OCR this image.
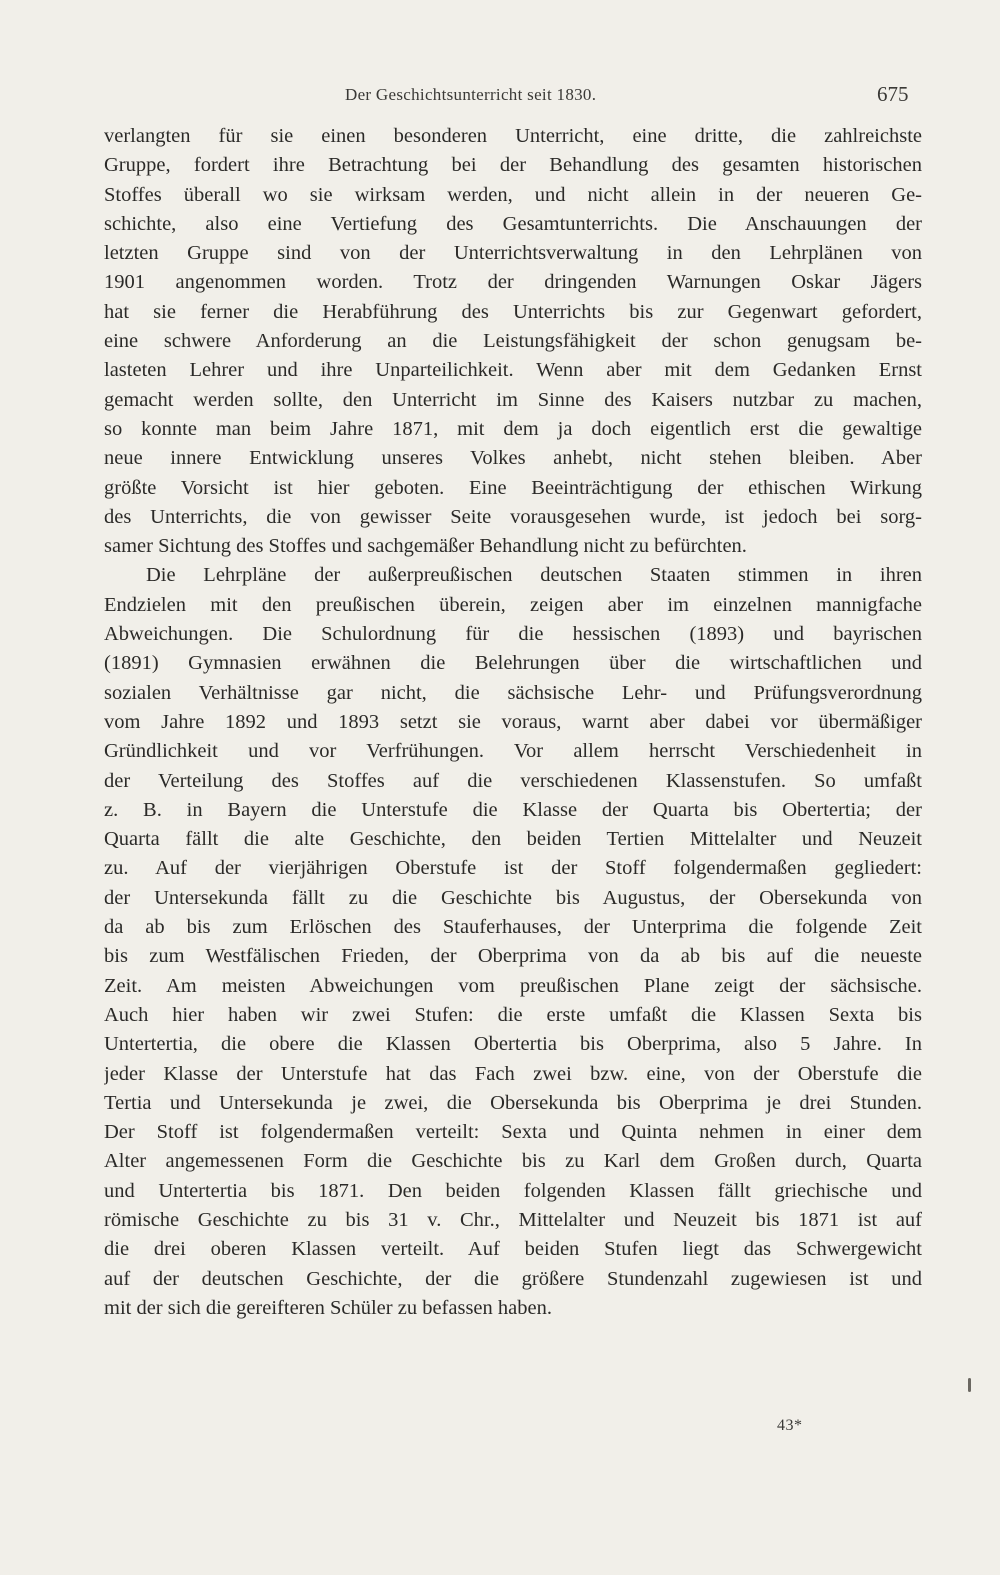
Der Geschichtsunterricht seit 1830.	675
verlangten für sie einen besonderen Unterricht, eine dritte, die zahlreichste
Gruppe, fordert ihre Betrachtung bei der Behandlung des gesamten historischen
Stoffes überall wo sie wirksam werden, und nicht allein in der neueren Ge-
schichte, also eine Vertiefung des Gesamtunterrichts. Die Anschauungen der
letzten Gruppe sind von der Unterrichtsverwaltung in den Lehrplänen von
1901 angenommen worden. Trotz der dringenden Warnungen Oskar Jägers
hat sie ferner die Herabführung des Unterrichts bis zur Gegenwart gefordert,
eine schwere Anforderung an die Leistungsfähigkeit der schon genugsam be-
lasteten Lehrer und ihre Unparteilichkeit. Wenn aber mit dem Gedanken Ernst
gemacht werden sollte, den Unterricht im Sinne des Kaisers nutzbar zu machen,
so konnte man beim Jahre 1871, mit dem ja doch eigentlich erst die gewaltige
neue innere Entwicklung unseres Volkes anhebt, nicht stehen bleiben. Aber
größte Vorsicht ist hier geboten. Eine Beeinträchtigung der ethischen Wirkung
des Unterrichts, die von gewisser Seite vorausgesehen wurde, ist jedoch bei sorg-
samer Sichtung des Stoffes und sachgemäßer Behandlung nicht zu befürchten.
Die Lehrpläne der außerpreußischen deutschen Staaten stimmen in ihren
Endzielen mit den preußischen überein, zeigen aber im einzelnen mannigfache
Abweichungen. Die Schulordnung für die hessischen (1893) und bayrischen
(1891) Gymnasien erwähnen die Belehrungen über die wirtschaftlichen und
sozialen Verhältnisse gar nicht, die sächsische Lehr- und Prüfungsverordnung
vom Jahre 1892 und 1893 setzt sie voraus, warnt aber dabei vor übermäßiger
Gründlichkeit und vor Verfrühungen. Vor allem herrscht Verschiedenheit in
der Verteilung des Stoffes auf die verschiedenen Klassenstufen. So umfaßt
z. B. in Bayern die Unterstufe die Klasse der Quarta bis Obertertia; der
Quarta fällt die alte Geschichte, den beiden Tertien Mittelalter und Neuzeit
zu. Auf der vierjährigen Oberstufe ist der Stoff folgendermaßen gegliedert:
der Untersekunda fällt zu die Geschichte bis Augustus, der Obersekunda von
da ab bis zum Erlöschen des Stauferhauses, der Unterprima die folgende Zeit
bis zum Westfälischen Frieden, der Oberprima von da ab bis auf die neueste
Zeit. Am meisten Abweichungen vom preußischen Plane zeigt der sächsische.
Auch hier haben wir zwei Stufen: die erste umfaßt die Klassen Sexta bis
Untertertia, die obere die Klassen Obertertia bis Oberprima, also 5 Jahre. In
jeder Klasse der Unterstufe hat das Fach zwei bzw. eine, von der Oberstufe die
Tertia und Untersekunda je zwei, die Obersekunda bis Oberprima je drei Stunden.
Der Stoff ist folgendermaßen verteilt: Sexta und Quinta nehmen in einer dem
Alter angemessenen Form die Geschichte bis zu Karl dem Großen durch, Quarta
und Untertertia bis 1871. Den beiden folgenden Klassen fällt griechische und
römische Geschichte zu bis 31 v. Chr., Mittelalter und Neuzeit bis 1871 ist auf
die drei oberen Klassen verteilt. Auf beiden Stufen liegt das Schwergewicht
auf der deutschen Geschichte, der die größere Stundenzahl zugewiesen ist und
mit der sich die gereifteren Schüler zu befassen haben.
43*
